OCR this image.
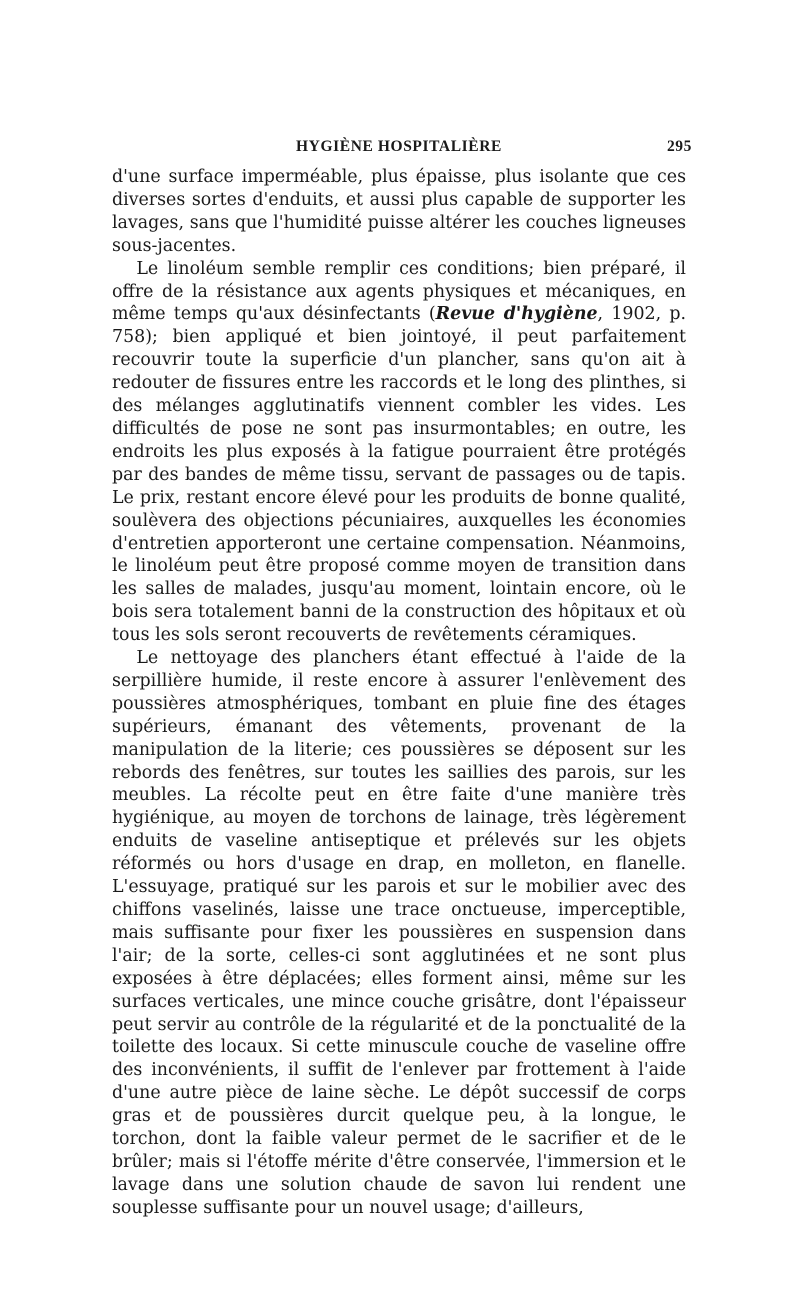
HYGIÈNE HOSPITALIÈRE	295

d'une surface imperméable, plus épaisse, plus isolante que ces diverses sortes d'enduits, et aussi plus capable de supporter les lavages, sans que l'humidité puisse altérer les couches ligneuses sous-jacentes.

Le linoléum semble remplir ces conditions; bien préparé, il offre de la résistance aux agents physiques et mécaniques, en même temps qu'aux désinfectants (Revue d'hygiène, 1902, p. 758); bien appliqué et bien jointoyé, il peut parfaitement recouvrir toute la superficie d'un plancher, sans qu'on ait à redouter de fissures entre les raccords et le long des plinthes, si des mélanges agglutinatifs viennent combler les vides. Les difficultés de pose ne sont pas insurmontables; en outre, les endroits les plus exposés à la fatigue pourraient être protégés par des bandes de même tissu, servant de passages ou de tapis. Le prix, restant encore élevé pour les produits de bonne qualité, soulèvera des objections pécuniaires, auxquelles les économies d'entretien apporteront une certaine compensation. Néanmoins, le linoléum peut être proposé comme moyen de transition dans les salles de malades, jusqu'au moment, lointain encore, où le bois sera totalement banni de la construction des hôpitaux et où tous les sols seront recouverts de revêtements céramiques.

Le nettoyage des planchers étant effectué à l'aide de la serpillière humide, il reste encore à assurer l'enlèvement des poussières atmosphériques, tombant en pluie fine des étages supérieurs, émanant des vêtements, provenant de la manipulation de la literie; ces poussières se déposent sur les rebords des fenêtres, sur toutes les saillies des parois, sur les meubles. La récolte peut en être faite d'une manière très hygiénique, au moyen de torchons de lainage, très légèrement enduits de vaseline antiseptique et prélevés sur les objets réformés ou hors d'usage en drap, en molleton, en flanelle. L'essuyage, pratiqué sur les parois et sur le mobilier avec des chiffons vaselinés, laisse une trace onctueuse, imperceptible, mais suffisante pour fixer les poussières en suspension dans l'air; de la sorte, celles-ci sont agglutinées et ne sont plus exposées à être déplacées; elles forment ainsi, même sur les surfaces verticales, une mince couche grisâtre, dont l'épaisseur peut servir au contrôle de la régularité et de la ponctualité de la toilette des locaux. Si cette minuscule couche de vaseline offre des inconvénients, il suffit de l'enlever par frottement à l'aide d'une autre pièce de laine sèche. Le dépôt successif de corps gras et de poussières durcit quelque peu, à la longue, le torchon, dont la faible valeur permet de le sacrifier et de le brûler; mais si l'étoffe mérite d'être conservée, l'immersion et le lavage dans une solution chaude de savon lui rendent une souplesse suffisante pour un nouvel usage; d'ailleurs,
